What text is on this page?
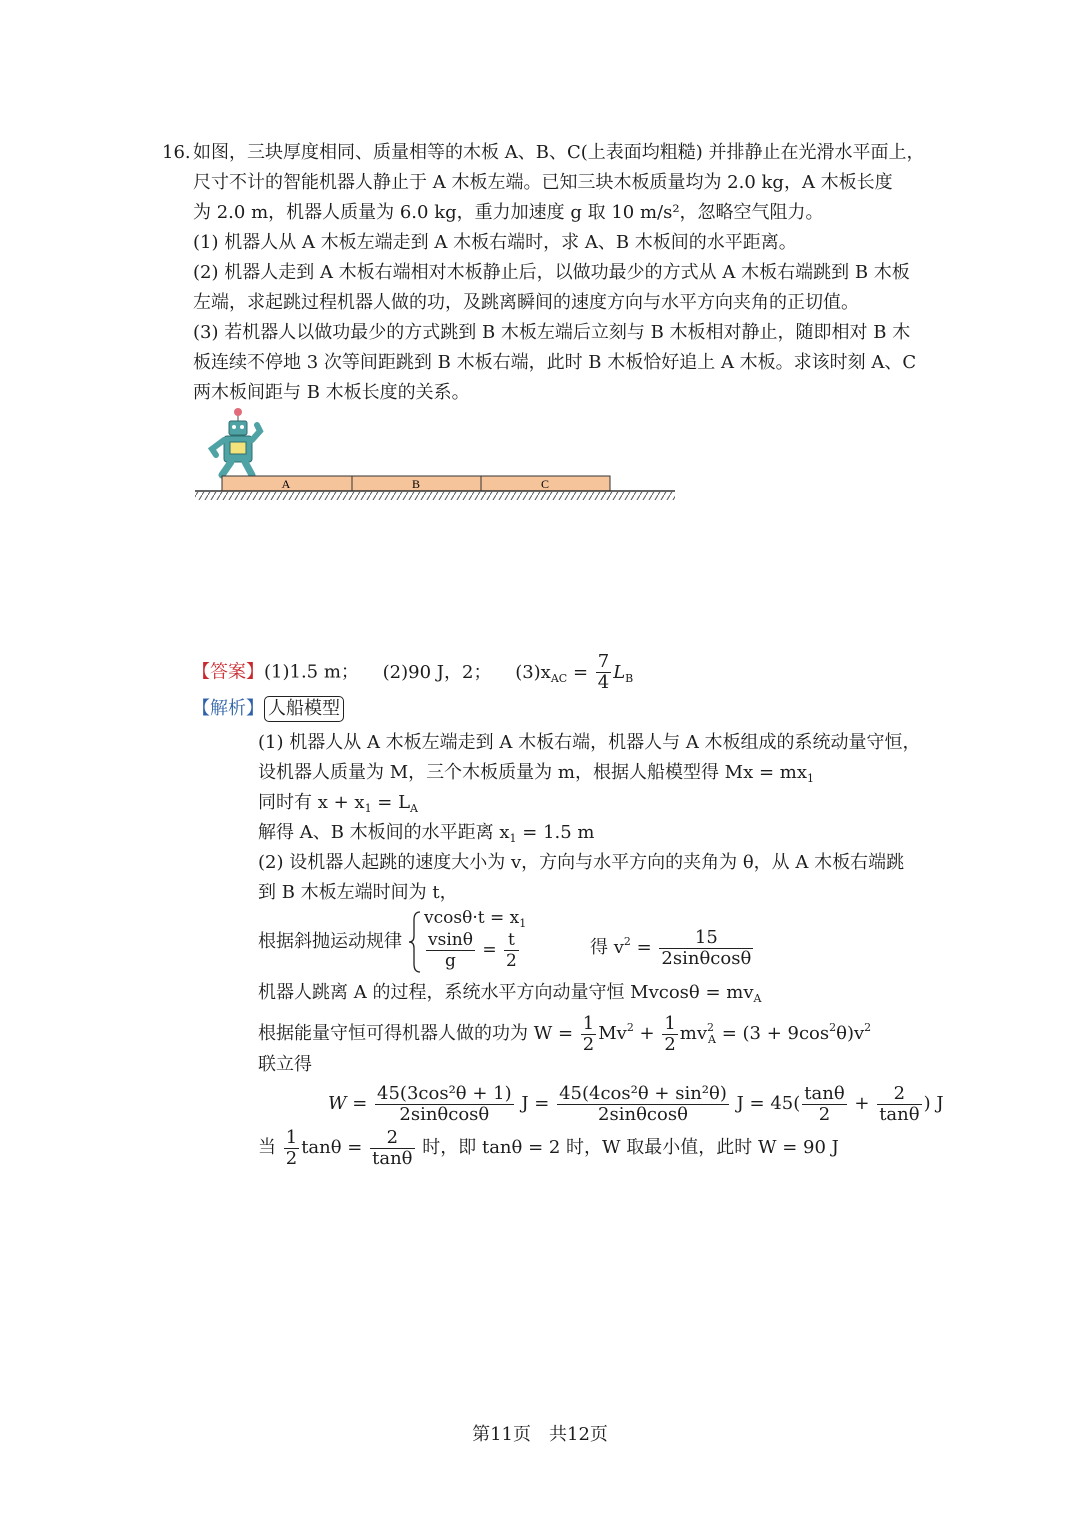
16. 如图，三块厚度相同、质量相等的木板 A、B、C(上表面均粗糙) 并排静止在光滑水平面上，
尺寸不计的智能机器人静止于 A 木板左端。已知三块木板质量均为 2.0 kg，A 木板长度
为 2.0 m，机器人质量为 6.0 kg，重力加速度 g 取 10 m/s²，忽略空气阻力。
(1) 机器人从 A 木板左端走到 A 木板右端时，求 A、B 木板间的水平距离。
(2) 机器人走到 A 木板右端相对木板静止后，以做功最少的方式从 A 木板右端跳到 B 木板
左端，求起跳过程机器人做的功，及跳离瞬间的速度方向与水平方向夹角的正切值。
(3) 若机器人以做功最少的方式跳到 B 木板左端后立刻与 B 木板相对静止，随即相对 B 木
板连续不停地 3 次等间距跳到 B 木板右端，此时 B 木板恰好追上 A 木板。求该时刻 A、C
两木板间距与 B 木板长度的关系。
A	B	C
【答案】(1)1.5 m； (2)90 J，2； $(3)x_{AC} = \frac{7}{4} L_B$
【解析】 人船模型
(1) 机器人从 A 木板左端走到 A 木板右端，机器人与 A 木板组成的系统动量守恒，
设机器人质量为 M，三个木板质量为 m，根据人船模型得 $Mx = mx_1$
同时有 $x + x_1 = L_A$
解得 A、B 木板间的水平距离 $x_1 = 1.5$ m
(2) 设机器人起跳的速度大小为 v，方向与水平方向的夹角为 θ，从 A 木板右端跳
到 B 木板左端时间为 t，
根据斜抛运动规律
$vcos\theta\cdot t = x_1$
$\frac{vsin\theta}{g} = \frac{t}{2}$	得 $v^2 = \frac{15}{2\sin\theta\cos\theta}$
机器人跳离 A 的过程，系统水平方向动量守恒 $Mvcos\theta = mv_A$
根据能量守恒可得机器人做的功为 $W = \frac{1}{2} Mv^2 + \frac{1}{2} mv^2_A = (3 + 9\cos^2\theta)v^2$
联立得
$W = \frac{\text{45(3cos²θ + 1)}}{2\sin\theta\cos\theta}$ $J = \frac{\text{45(4cos²θ + sin²θ)}}{2\sin\theta\cos\theta}$ $J = 45( \frac{\tan\theta}{2} + \frac{2}{\tan\theta}$ ) J
当 $\frac{1}{2}$ $\tan\theta = \frac{2}{\tan\theta}$ 时，即 tanθ = 2 时，W 取最小值，此时 W = 90 J
第11页　共12页
